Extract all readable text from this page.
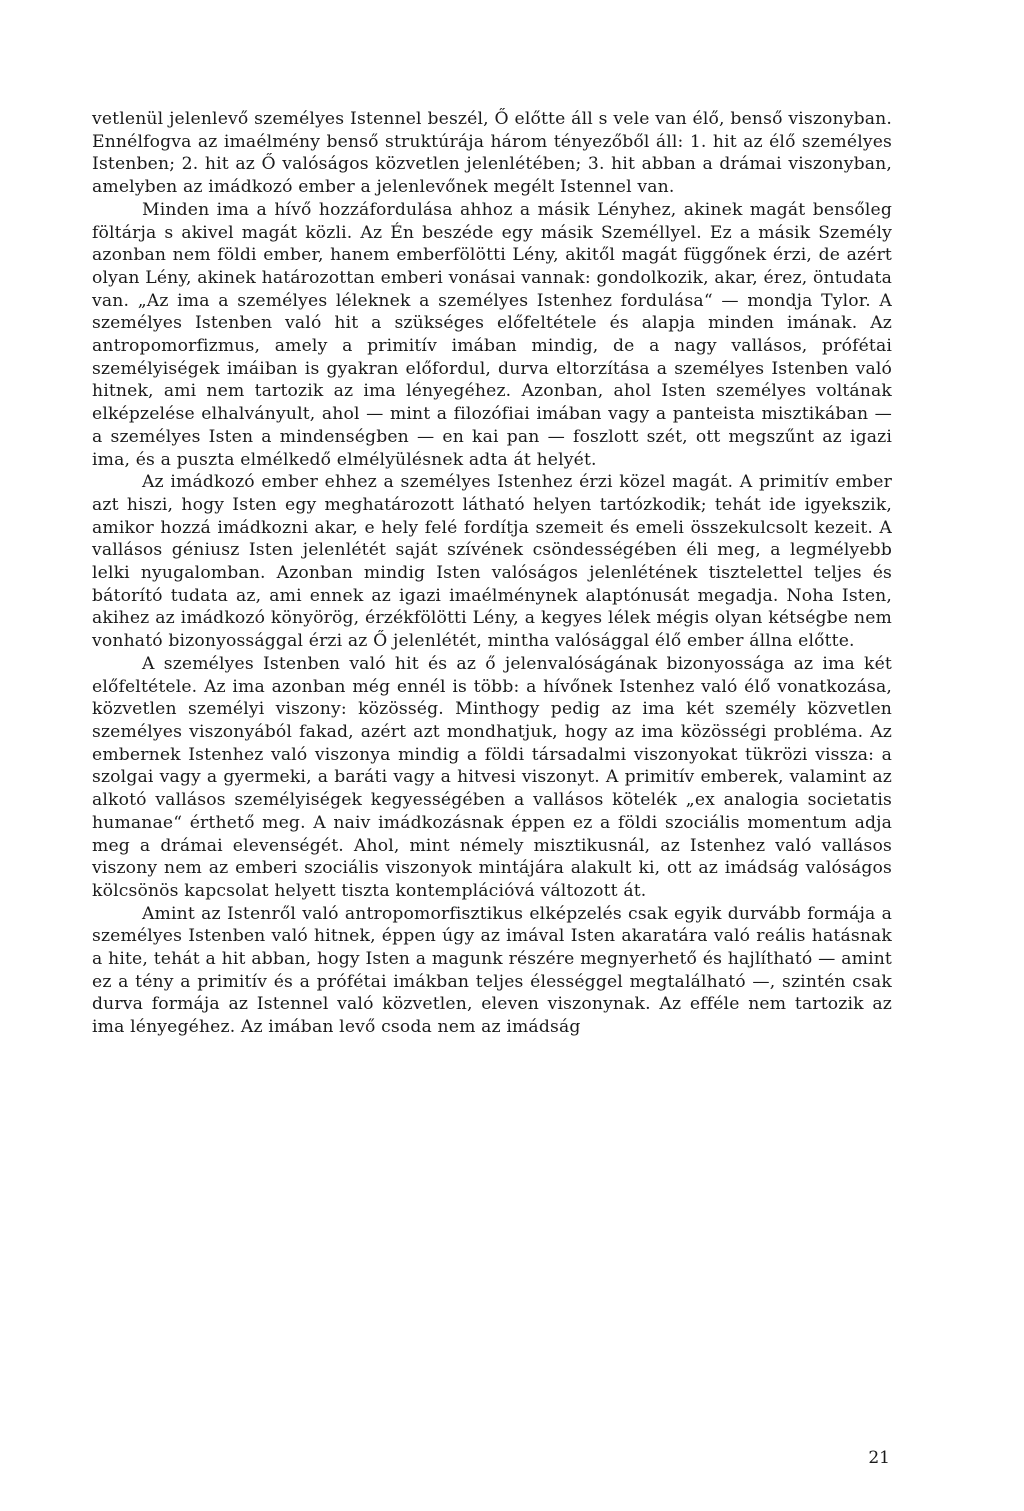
vetlenül jelenlevő személyes Istennel beszél, Ő előtte áll s vele van élő, benső viszonyban. Ennélfogva az imaélmény benső struktúrája három tényezőből áll: 1. hit az élő személyes Istenben; 2. hit az Ő valóságos közvetlen jelenlétében; 3. hit abban a drámai viszonyban, amelyben az imádkozó ember a jelenlevőnek megélt Istennel van.

Minden ima a hívő hozzáfordulása ahhoz a másik Lényhez, akinek magát bensőleg föltárja s akivel magát közli. Az Én beszéde egy másik Személlyel. Ez a másik Személy azonban nem földi ember, hanem emberfölötti Lény, akitől magát függőnek érzi, de azért olyan Lény, akinek határozottan emberi vonásai vannak: gondolkozik, akar, érez, öntudata van. „Az ima a személyes léleknek a személyes Istenhez fordulása“ — mondja Tylor. A személyes Istenben való hit a szükséges előfeltétele és alapja minden imának. Az antropomorfizmus, amely a primitív imában mindig, de a nagy vallásos, prófétai személyiségek imáiban is gyakran előfordul, durva eltorzítása a személyes Istenben való hitnek, ami nem tartozik az ima lényegéhez. Azonban, ahol Isten személyes voltának elképzelése elhalványult, ahol — mint a filozófiai imában vagy a panteista misztikában — a személyes Isten a mindenségben — en kai pan — foszlott szét, ott megszűnt az igazi ima, és a puszta elmélkedő elmélyülésnek adta át helyét.

Az imádkozó ember ehhez a személyes Istenhez érzi közel magát. A primitív ember azt hiszi, hogy Isten egy meghatározott látható helyen tartózkodik; tehát ide igyekszik, amikor hozzá imádkozni akar, e hely felé fordítja szemeit és emeli összekulcsolt kezeit. A vallásos géniusz Isten jelenlétét saját szívének csöndességében éli meg, a legmélyebb lelki nyugalomban. Azonban mindig Isten valóságos jelenlétének tisztelettel teljes és bátorító tudata az, ami ennek az igazi imaélménynek alaptónusát megadja. Noha Isten, akihez az imádkozó könyörög, érzékfölötti Lény, a kegyes lélek mégis olyan kétségbe nem vonható bizonyossággal érzi az Ő jelenlétét, mintha valósággal élő ember állna előtte.

A személyes Istenben való hit és az ő jelenvalóságának bizonyossága az ima két előfeltétele. Az ima azonban még ennél is több: a hívőnek Istenhez való élő vonatkozása, közvetlen személyi viszony: közösség. Minthogy pedig az ima két személy közvetlen személyes viszonyából fakad, azért azt mondhatjuk, hogy az ima közösségi probléma. Az embernek Istenhez való viszonya mindig a földi társadalmi viszonyokat tükrözi vissza: a szolgai vagy a gyermeki, a baráti vagy a hitvesi viszonyt. A primitív emberek, valamint az alkotó vallásos személyiségek kegyességében a vallásos kötelék „ex analogia societatis humanae“ érthető meg. A naiv imádkozásnak éppen ez a földi szociális momentum adja meg a drámai elevenségét. Ahol, mint némely misztikusnál, az Istenhez való vallásos viszony nem az emberi szociális viszonyok mintájára alakult ki, ott az imádság valóságos kölcsönös kapcsolat helyett tiszta kontemplációvá változott át.

Amint az Istenről való antropomorfisztikus elképzelés csak egyik durvább formája a személyes Istenben való hitnek, éppen úgy az imával Isten akaratára való reális hatásnak a hite, tehát a hit abban, hogy Isten a magunk részére megnyerhető és hajlítható — amint ez a tény a primitív és a prófétai imákban teljes élességgel megtalálható —, szintén csak durva formája az Istennel való közvetlen, eleven viszonynak. Az efféle nem tartozik az ima lényegéhez. Az imában levő csoda nem az imádság

21
